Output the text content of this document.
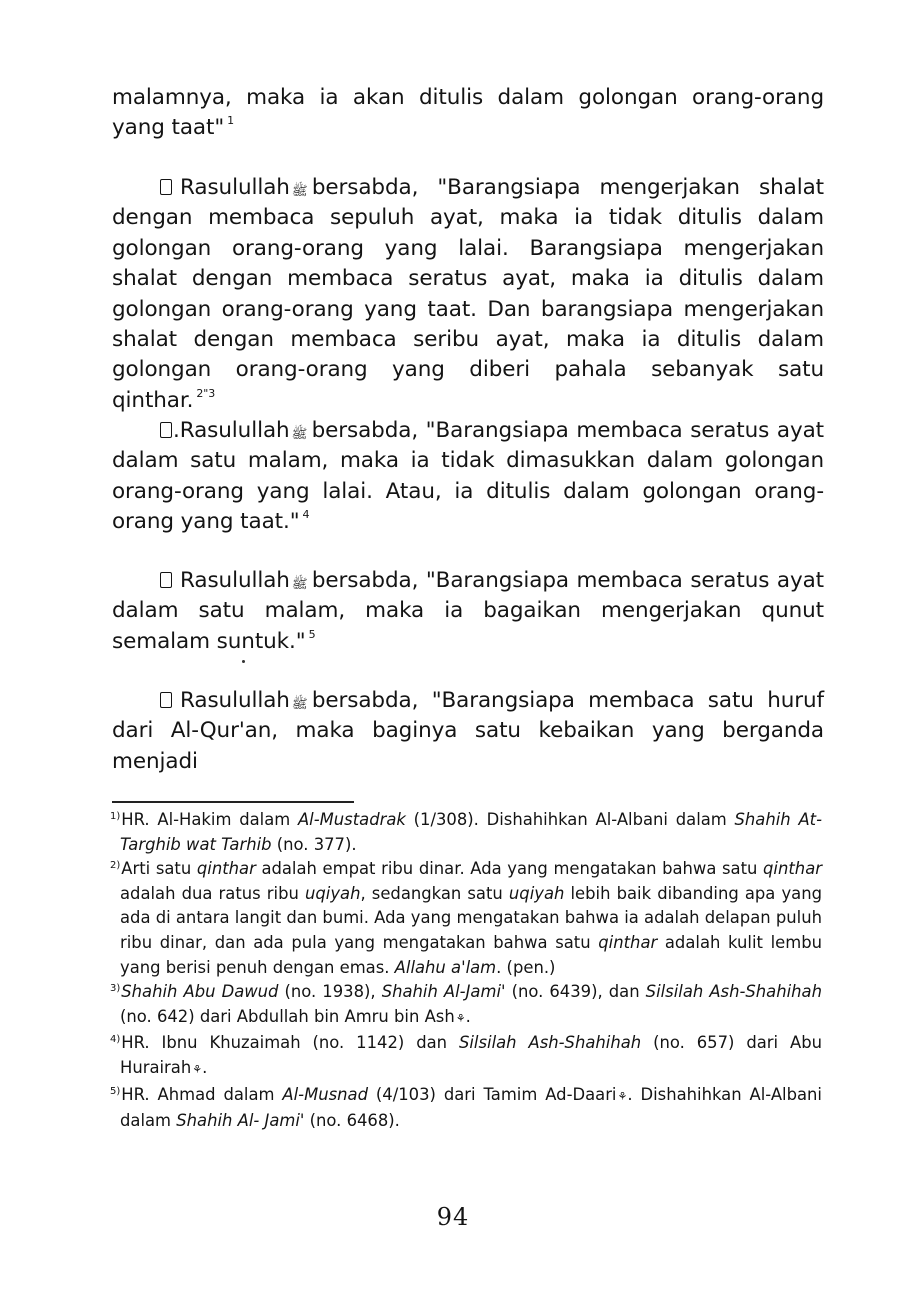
malamnya, maka ia akan ditulis dalam golongan orang-orang yang taat" $^1$
Rasulullah ﷺ bersabda, "Barangsiapa mengerjakan shalat dengan membaca sepuluh ayat, maka ia tidak ditulis dalam golongan orang-orang yang lalai. Barangsiapa mengerjakan shalat dengan membaca seratus ayat, maka ia ditulis dalam golongan orang-orang yang taat. Dan barangsiapa mengerjakan shalat dengan membaca seribu ayat, maka ia ditulis dalam golongan orang-orang yang diberi pahala sebanyak satu qinthar. $^{2"3}$
.Rasulullah ﷺ bersabda, "Barangsiapa membaca seratus ayat dalam satu malam, maka ia tidak dimasukkan dalam golongan orang-orang yang lalai. Atau, ia ditulis dalam golongan orang-orang yang taat." $^4$
Rasulullah ﷺ bersabda, "Barangsiapa membaca seratus ayat dalam satu malam, maka ia bagaikan mengerjakan qunut semalam suntuk." $^5$
Rasulullah ﷺ bersabda, "Barangsiapa membaca satu huruf dari Al-Qur'an, maka baginya satu kebaikan yang berganda menjadi
$^{1)}$HR. Al-Hakim dalam Al-Mustadrak (1/308). Dishahihkan Al-Albani dalam Shahih At-Targhib wat Tarhib (no. 377).
$^{2)}$Arti satu qinthar adalah empat ribu dinar. Ada yang mengatakan bahwa satu qinthar adalah dua ratus ribu uqiyah, sedangkan satu uqiyah lebih baik dibanding apa yang ada di antara langit dan bumi. Ada yang mengatakan bahwa ia adalah delapan puluh ribu dinar, dan ada pula yang mengatakan bahwa satu qinthar adalah kulit lembu yang berisi penuh dengan emas. Allahu a'lam. (pen.)
$^{3)}$Shahih Abu Dawud (no. 1938), Shahih Al-Jami' (no. 6439), dan Silsilah Ash-Shahihah (no. 642) dari Abdullah bin Amru bin Ash⚘.
$^{4)}$HR. Ibnu Khuzaimah (no. 1142) dan Silsilah Ash-Shahihah (no. 657) dari Abu Hurairah⚘.
$^{5)}$HR. Ahmad dalam Al-Musnad (4/103) dari Tamim Ad-Daari⚘. Dishahihkan Al-Albani dalam Shahih Al- Jami' (no. 6468).
94
